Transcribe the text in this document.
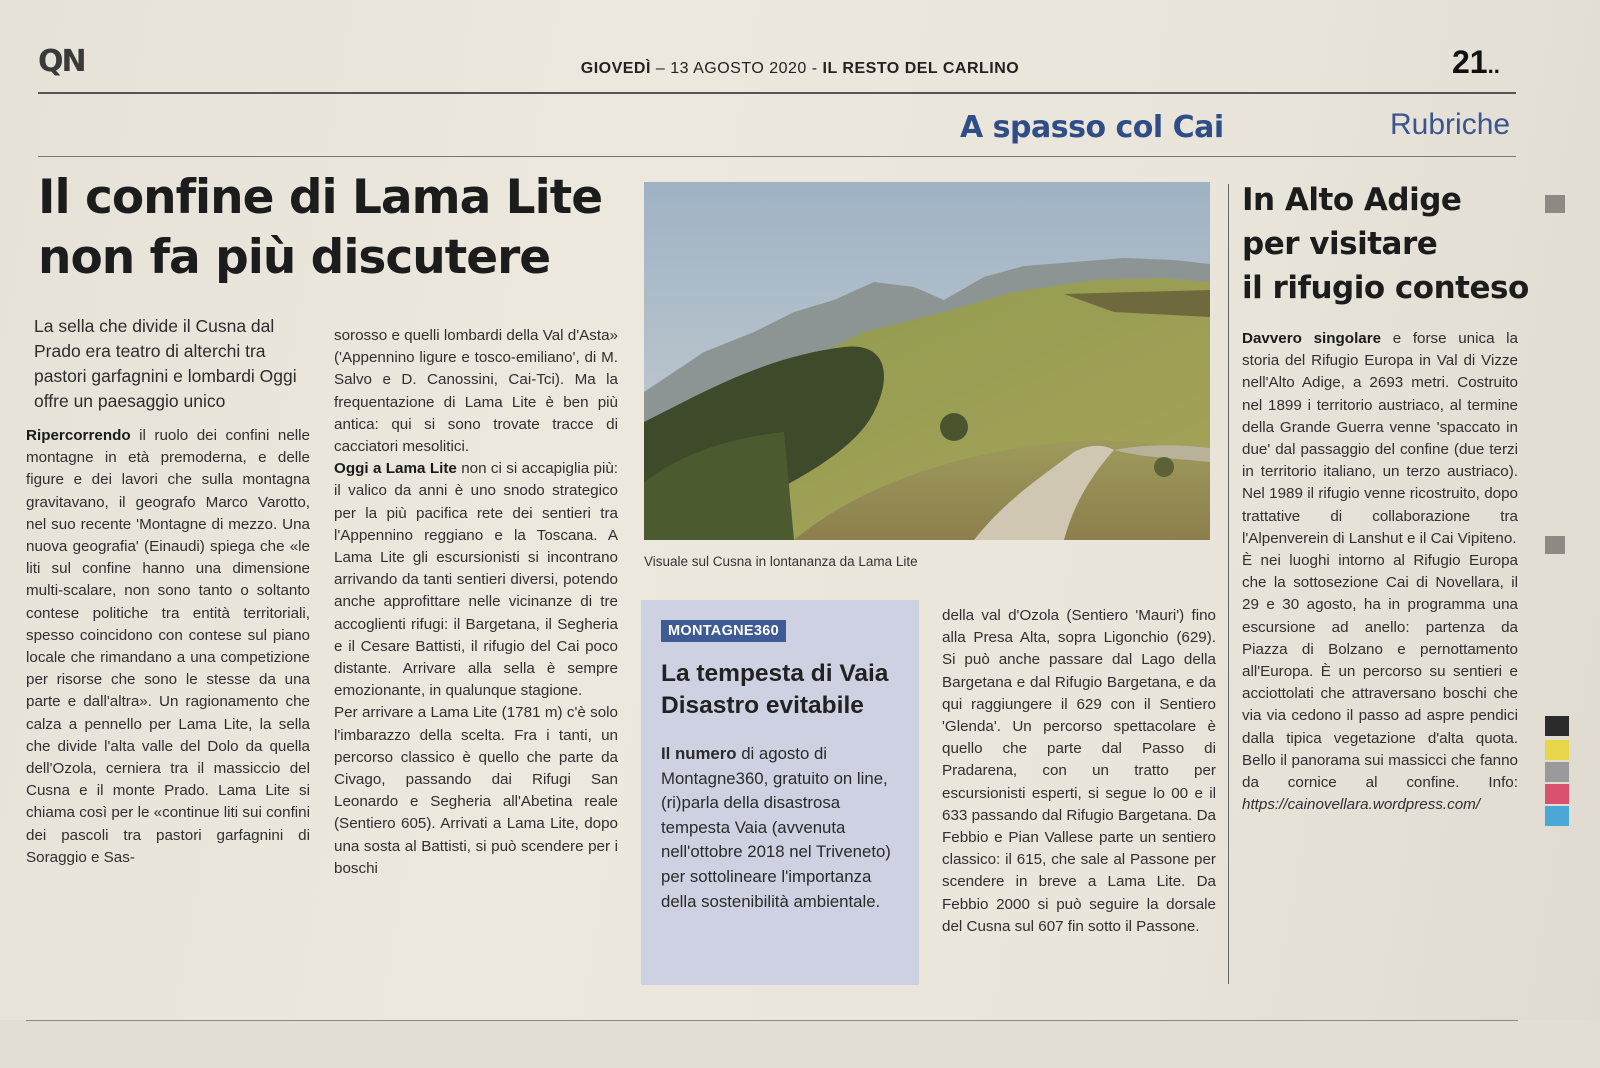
QN	GIOVEDÌ – 13 AGOSTO 2020 - IL RESTO DEL CARLINO	21..
A spasso col Cai	Rubriche
Il confine di Lama Lite
non fa più discutere
La sella che divide il Cusna dal Prado era teatro di alterchi tra pastori garfagnini e lombardi Oggi offre un paesaggio unico
Ripercorrendo il ruolo dei confini nelle montagne in età premoderna, e delle figure e dei lavori che sulla montagna gravitavano, il geografo Marco Varotto, nel suo recente 'Montagne di mezzo. Una nuova geografia' (Einaudi) spiega che «le liti sul confine hanno una dimensione multi-scalare, non sono tanto o soltanto contese politiche tra entità territoriali, spesso coincidono con contese sul piano locale che rimandano a una competizione per risorse che sono le stesse da una parte e dall'altra». Un ragionamento che calza a pennello per Lama Lite, la sella che divide l'alta valle del Dolo da quella dell'Ozola, cerniera tra il massiccio del Cusna e il monte Prado. Lama Lite si chiama così per le «continue liti sui confini dei pascoli tra pastori garfagnini di Soraggio e Sas-
sorosso e quelli lombardi della Val d'Asta» ('Appennino ligure e tosco-emiliano', di M. Salvo e D. Canossini, Cai-Tci). Ma la frequentazione di Lama Lite è ben più antica: qui si sono trovate tracce di cacciatori mesolitici.
Oggi a Lama Lite non ci si accapiglia più: il valico da anni è uno snodo strategico per la più pacifica rete dei sentieri tra l'Appennino reggiano e la Toscana. A Lama Lite gli escursionisti si incontrano arrivando da tanti sentieri diversi, potendo anche approfittare nelle vicinanze di tre accoglienti rifugi: il Bargetana, il Segheria e il Cesare Battisti, il rifugio del Cai poco distante. Arrivare alla sella è sempre emozionante, in qualunque stagione.
Per arrivare a Lama Lite (1781 m) c'è solo l'imbarazzo della scelta. Fra i tanti, un percorso classico è quello che parte da Civago, passando dai Rifugi San Leonardo e Segheria all'Abetina reale (Sentiero 605). Arrivati a Lama Lite, dopo una sosta al Battisti, si può scendere per i boschi
Visuale sul Cusna in lontananza da Lama Lite
MONTAGNE360
La tempesta di Vaia Disastro evitabile
Il numero di agosto di Montagne360, gratuito on line, (ri)parla della disastrosa tempesta Vaia (avvenuta nell'ottobre 2018 nel Triveneto) per sottolineare l'importanza della sostenibilità ambientale.
della val d'Ozola (Sentiero 'Mauri') fino alla Presa Alta, sopra Ligonchio (629). Si può anche passare dal Lago della Bargetana e dal Rifugio Bargetana, e da qui raggiungere il 629 con il Sentiero 'Glenda'. Un percorso spettacolare è quello che parte dal Passo di Pradarena, con un tratto per escursionisti esperti, si segue lo 00 e il 633 passando dal Rifugio Bargetana. Da Febbio e Pian Vallese parte un sentiero classico: il 615, che sale al Passone per scendere in breve a Lama Lite. Da Febbio 2000 si può seguire la dorsale del Cusna sul 607 fin sotto il Passone.
In Alto Adige
per visitare
il rifugio conteso
Davvero singolare e forse unica la storia del Rifugio Europa in Val di Vizze nell'Alto Adige, a 2693 metri. Costruito nel 1899 i territorio austriaco, al termine della Grande Guerra venne 'spaccato in due' dal passaggio del confine (due terzi in territorio italiano, un terzo austriaco). Nel 1989 il rifugio venne ricostruito, dopo trattative di collaborazione tra l'Alpenverein di Lanshut e il Cai Vipiteno.
È nei luoghi intorno al Rifugio Europa che la sottosezione Cai di Novellara, il 29 e 30 agosto, ha in programma una escursione ad anello: partenza da Piazza di Bolzano e pernottamento all'Europa. È un percorso su sentieri e acciottolati che attraversano boschi che via via cedono il passo ad aspre pendici dalla tipica vegetazione d'alta quota. Bello il panorama sui massicci che fanno da cornice al confine. Info: https://cainovellara.wordpress.com/
